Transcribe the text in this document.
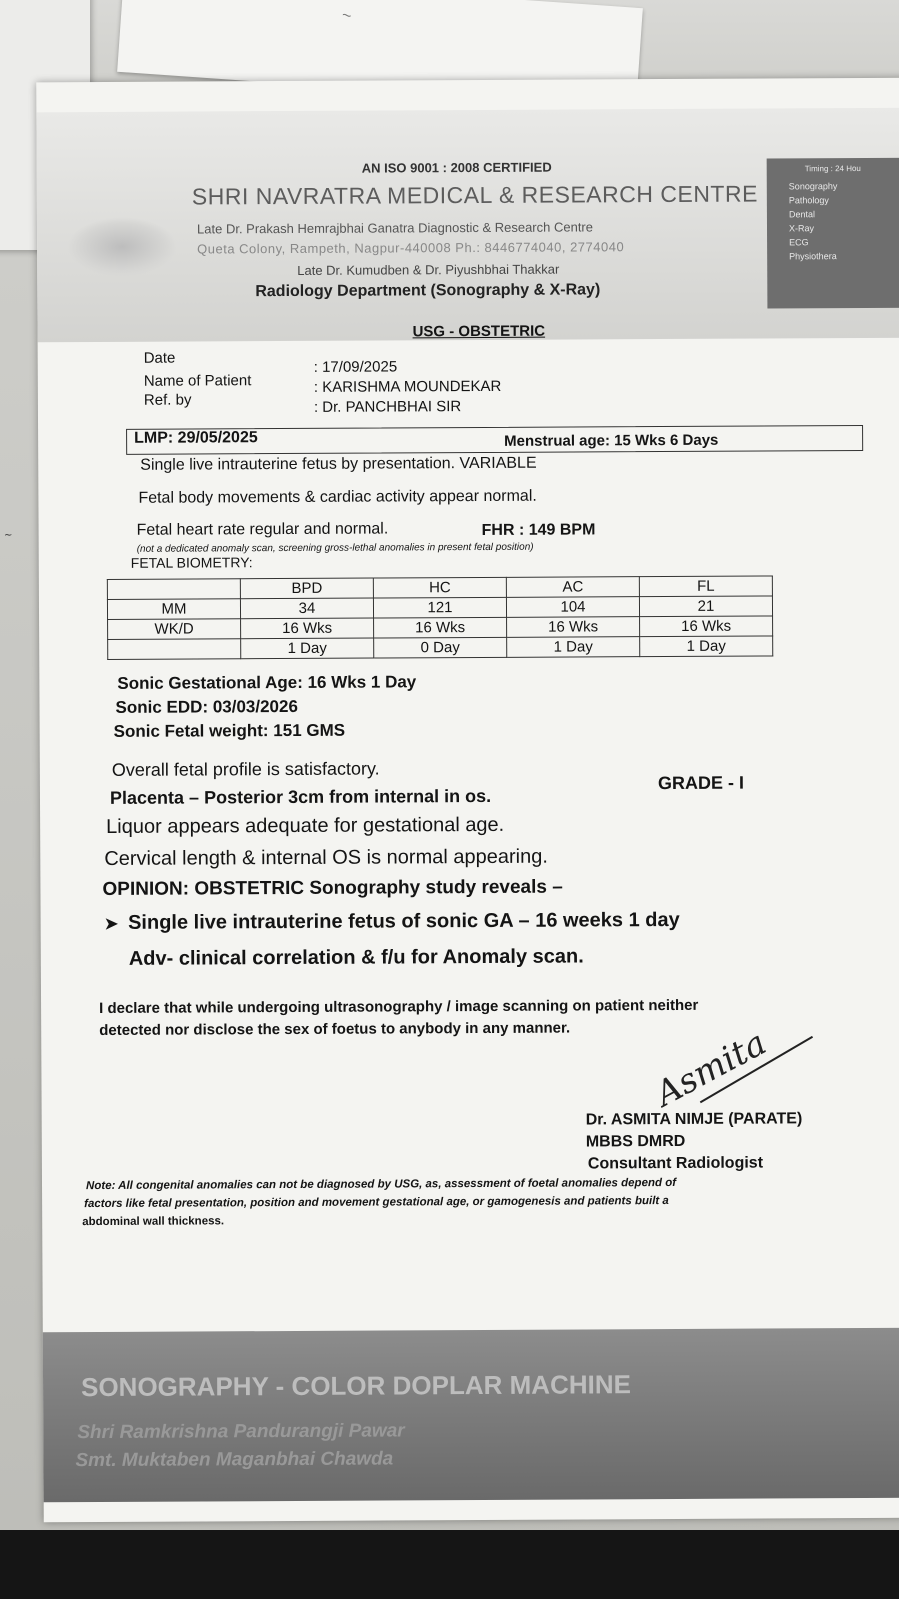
~
∼
Timing : 24 Hou
Sonography
Pathology
Dental
X-Ray
ECG
Physiothera
AN ISO 9001 : 2008 CERTIFIED
SHRI NAVRATRA MEDICAL & RESEARCH CENTRE
Late Dr. Prakash Hemrajbhai Ganatra Diagnostic & Research Centre
Queta Colony, Rampeth, Nagpur-440008 Ph.: 8446774040, 2774040
Late Dr. Kumudben & Dr. Piyushbhai Thakkar
Radiology Department (Sonography & X-Ray)
USG - OBSTETRIC
Date
: 17/09/2025
Name of Patient	: KARISHMA MOUNDEKAR
Ref. by	: Dr. PANCHBHAI SIR
LMP: 29/05/2025	Menstrual age: 15 Wks 6 Days
Single live intrauterine fetus by presentation. VARIABLE
Fetal body movements & cardiac activity appear normal.
Fetal heart rate regular and normal.	FHR : 149 BPM
(not a dedicated anomaly scan, screening gross-lethal anomalies in present fetal position)
FETAL BIOMETRY:
	BPD	HC	AC	FL
MM	34	121	104	21
WK/D	16 Wks	16 Wks	16 Wks	16 Wks
	1 Day	0 Day	1 Day	1 Day
Sonic Gestational Age: 16 Wks 1 Day
Sonic EDD: 03/03/2026
Sonic Fetal weight: 151 GMS
Overall fetal profile is satisfactory.
Placenta – Posterior 3cm from internal in os.
GRADE - I
Liquor appears adequate for gestational age.
Cervical length & internal OS is normal appearing.
OPINION: OBSTETRIC Sonography study reveals –
➤ Single live intrauterine fetus of sonic GA – 16 weeks 1 day
Adv- clinical correlation & f/u for Anomaly scan.
I declare that while undergoing ultrasonography / image scanning on patient neither
detected nor disclose the sex of foetus to anybody in any manner. Asmita
Dr. ASMITA NIMJE (PARATE)
MBBS DMRD
Consultant Radiologist
Note: All congenital anomalies can not be diagnosed by USG, as, assessment of foetal anomalies depend of
factors like fetal presentation, position and movement gestational age, or gamogenesis and patients built a
abdominal wall thickness.
SONOGRAPHY - COLOR DOPLAR MACHINE
Shri Ramkrishna Pandurangji Pawar
Smt. Muktaben Maganbhai Chawda
